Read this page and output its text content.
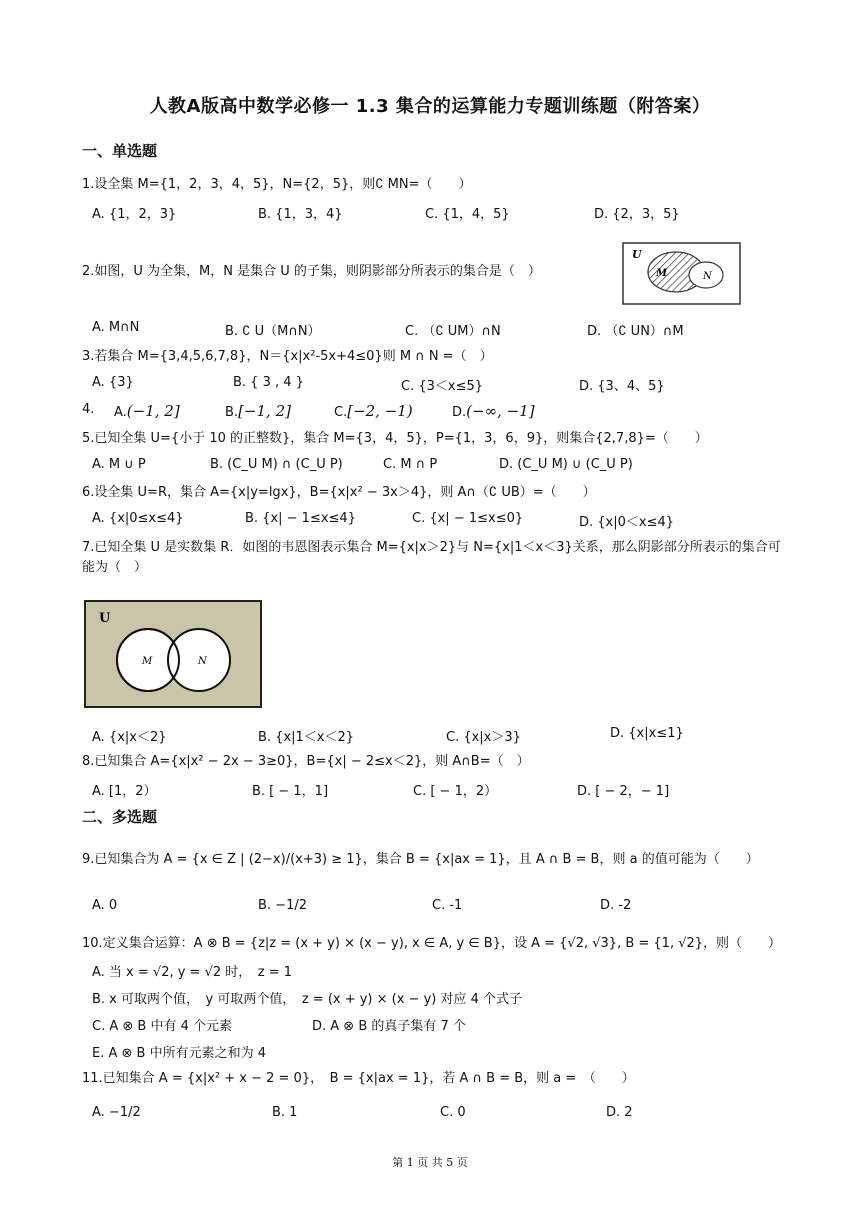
人教A版高中数学必修一 1.3 集合的运算能力专题训练题（附答案）
一、单选题
1.设全集 M={1，2，3，4，5}，N={2，5}，则∁ MN=（　　）
A. {1，2，3}	B. {1，3，4}	C. {1，4，5}	D. {2，3，5}
2.如图，U 为全集，M，N 是集合 U 的子集，则阴影部分所表示的集合是（　）
U
M	N
A. M∩N	B. ∁ U（M∩N）	C. （∁ UM）∩N	D. （∁ UN）∩M
3.若集合 M={3,4,5,6,7,8}，N＝{x|x²-5x+4≤0}则 M ∩ N =（　）
A. {3}	B. { 3 , 4 }	C. {3＜x≤5}	D. {3、4、5}
4. A.(−1, 2]	B.[−1, 2]	C.[−2, −1)	D.(−∞, −1]
5.已知全集 U={小于 10 的正整数}，集合 M={3，4，5}，P={1，3，6，9}，则集合{2,7,8}=（　　）
A. M ∪ P	B. (C_U M) ∩ (C_U P)	C. M ∩ P	D. (C_U M) ∪ (C_U P)
6.设全集 U=R，集合 A={x|y=lgx}，B={x|x² − 3x＞4}，则 A∩（∁ UB）=（　　）
A. {x|0≤x≤4}	B. {x| − 1≤x≤4}	C. {x| − 1≤x≤0}	D. {x|0＜x≤4}
7.已知全集 U 是实数集 R．如图的韦恩图表示集合 M={x|x＞2}与 N={x|1＜x＜3}关系，那么阴影部分所表示的集合可能为（　）
U
M	N
A. {x|x＜2}	B. {x|1＜x＜2}	C. {x|x＞3}	D. {x|x≤1}
8.已知集合 A={x|x² − 2x − 3≥0}，B={x| − 2≤x＜2}，则 A∩B=（　）
A. [1，2）	B. [ − 1，1]	C. [ − 1，2）	D. [ − 2，− 1]
二、多选题
9.已知集合为 A = {x ∈ Z | (2−x)/(x+3) ≥ 1}，集合 B = {x|ax = 1}，且 A ∩ B = B，则 a 的值可能为（　　）
A. 0	B. −1/2	C. -1	D. -2
10.定义集合运算：A ⊗ B = {z|z = (x + y) × (x − y), x ∈ A, y ∈ B}，设 A = {√2, √3}, B = {1, √2}，则（　　）
A. 当 x = √2, y = √2 时，　z = 1
B. x 可取两个值，　y 可取两个值，　z = (x + y) × (x − y) 对应 4 个式子
C. A ⊗ B 中有 4 个元素	D. A ⊗ B 的真子集有 7 个
E. A ⊗ B 中所有元素之和为 4
11.已知集合 A = {x|x² + x − 2 = 0}，　B = {x|ax = 1}，若 A ∩ B = B，则 a =　（　　）
A. −1/2	B. 1	C. 0	D. 2
第 1 页 共 5 页
